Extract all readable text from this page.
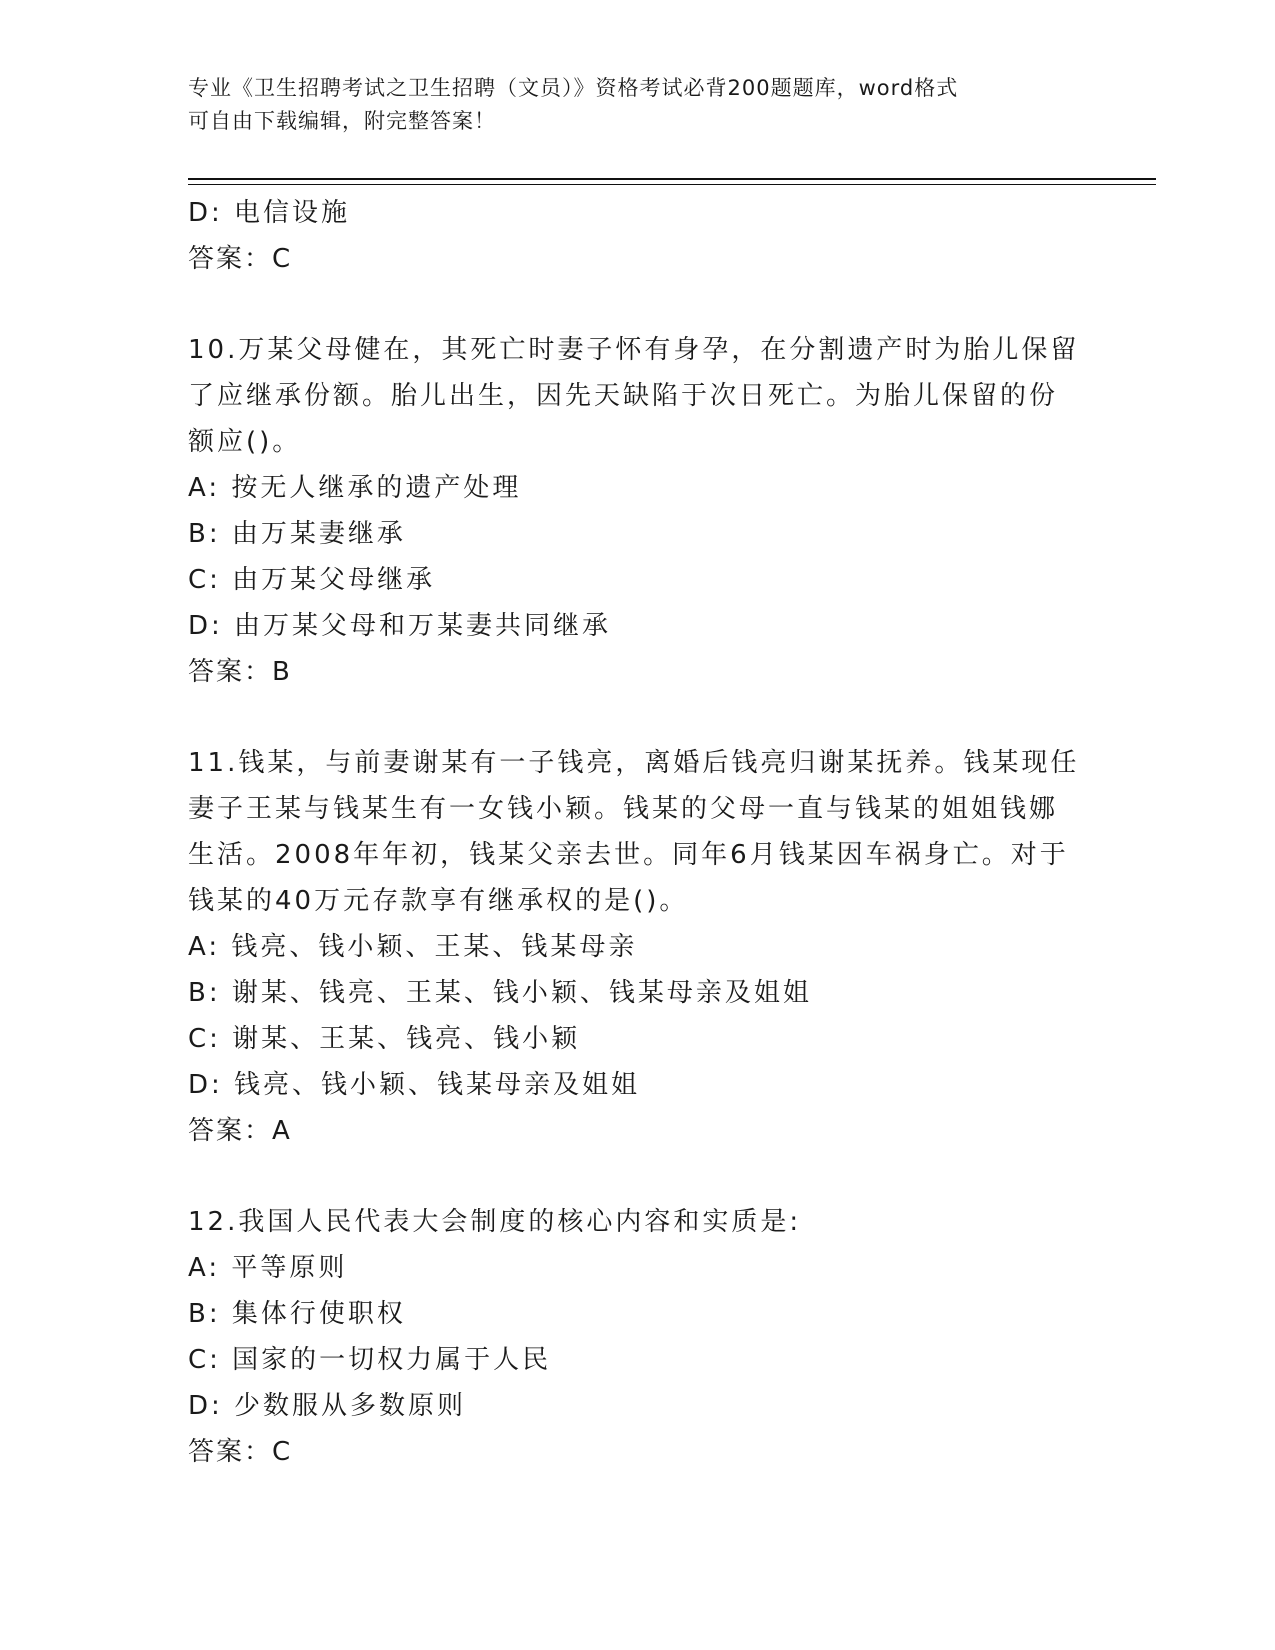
专业《卫生招聘考试之卫生招聘（文员）》资格考试必背200题题库，word格式
可自由下载编辑，附完整答案！
D: 电信设施
答案：C
10.万某父母健在，其死亡时妻子怀有身孕，在分割遗产时为胎儿保留
了应继承份额。胎儿出生，因先天缺陷于次日死亡。为胎儿保留的份
额应()。
A: 按无人继承的遗产处理
B: 由万某妻继承
C: 由万某父母继承
D: 由万某父母和万某妻共同继承
答案：B
11.钱某，与前妻谢某有一子钱亮，离婚后钱亮归谢某抚养。钱某现任
妻子王某与钱某生有一女钱小颖。钱某的父母一直与钱某的姐姐钱娜
生活。2008年年初，钱某父亲去世。同年6月钱某因车祸身亡。对于
钱某的40万元存款享有继承权的是()。
A: 钱亮、钱小颖、王某、钱某母亲
B: 谢某、钱亮、王某、钱小颖、钱某母亲及姐姐
C: 谢某、王某、钱亮、钱小颖
D: 钱亮、钱小颖、钱某母亲及姐姐
答案：A
12.我国人民代表大会制度的核心内容和实质是:
A: 平等原则
B: 集体行使职权
C: 国家的一切权力属于人民
D: 少数服从多数原则
答案：C
